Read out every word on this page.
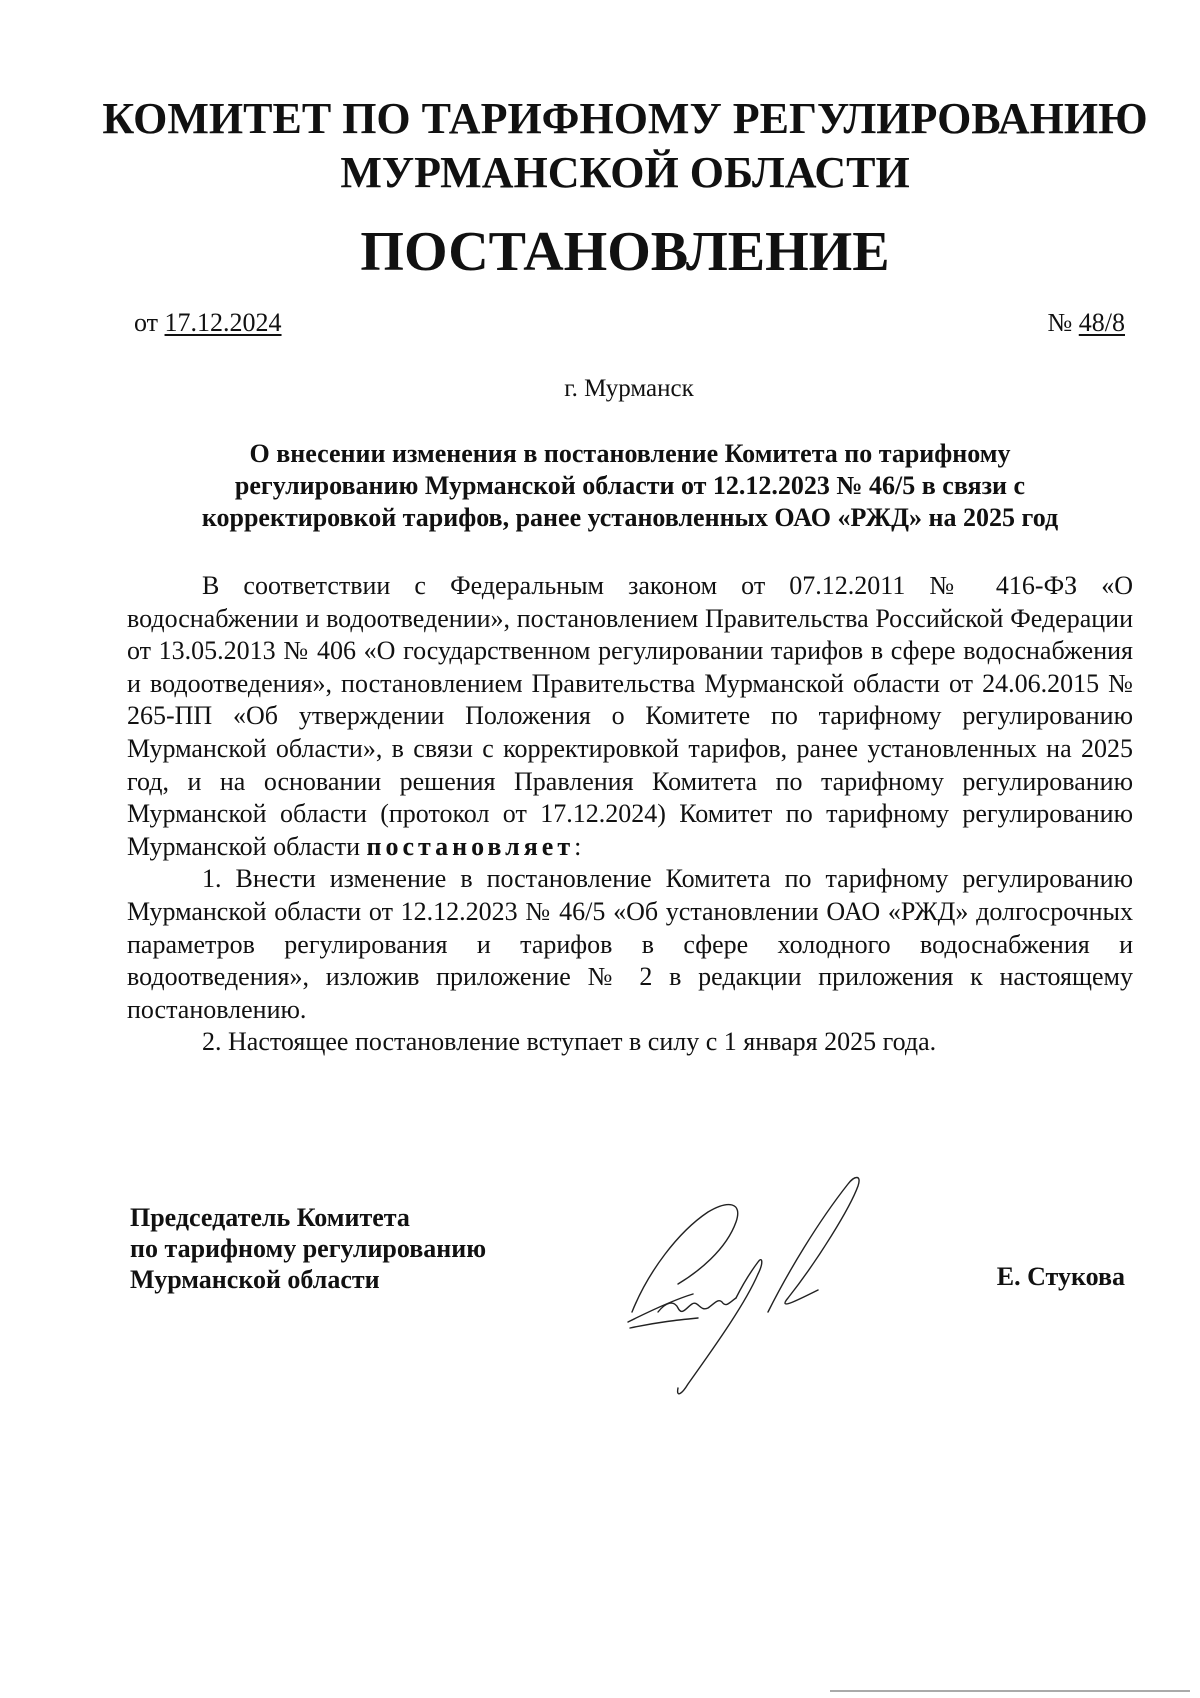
КОМИТЕТ ПО ТАРИФНОМУ РЕГУЛИРОВАНИЮ
МУРМАНСКОЙ ОБЛАСТИ
ПОСТАНОВЛЕНИЕ
от 17.12.2024	№ 48/8
г. Мурманск
О внесении изменения в постановление Комитета по тарифному
регулированию Мурманской области от 12.12.2023 № 46/5 в связи с
корректировкой тарифов, ранее установленных ОАО «РЖД» на 2025 год

В соответствии с Федеральным законом от 07.12.2011 № 416-ФЗ «О водоснабжении и водоотведении», постановлением Правительства Российской Федерации от 13.05.2013 № 406 «О государственном регулировании тарифов в сфере водоснабжения и водоотведения», постановлением Правительства Мурманской области от 24.06.2015 № 265-ПП «Об утверждении Положения о Комитете по тарифному регулированию Мурманской области», в связи с корректировкой тарифов, ранее установленных на 2025 год, и на основании решения Правления Комитета по тарифному регулированию Мурманской области (протокол от 17.12.2024) Комитет по тарифному регулированию Мурманской области постановляет:

1. Внести изменение в постановление Комитета по тарифному регулированию Мурманской области от 12.12.2023 № 46/5 «Об установлении ОАО «РЖД» долгосрочных параметров регулирования и тарифов в сфере холодного водоснабжения и водоотведения», изложив приложение № 2 в редакции приложения к настоящему постановлению.

2. Настоящее постановление вступает в силу с 1 января 2025 года.

Председатель Комитета
по тарифному регулированию
Мурманской области	Е. Стукова
